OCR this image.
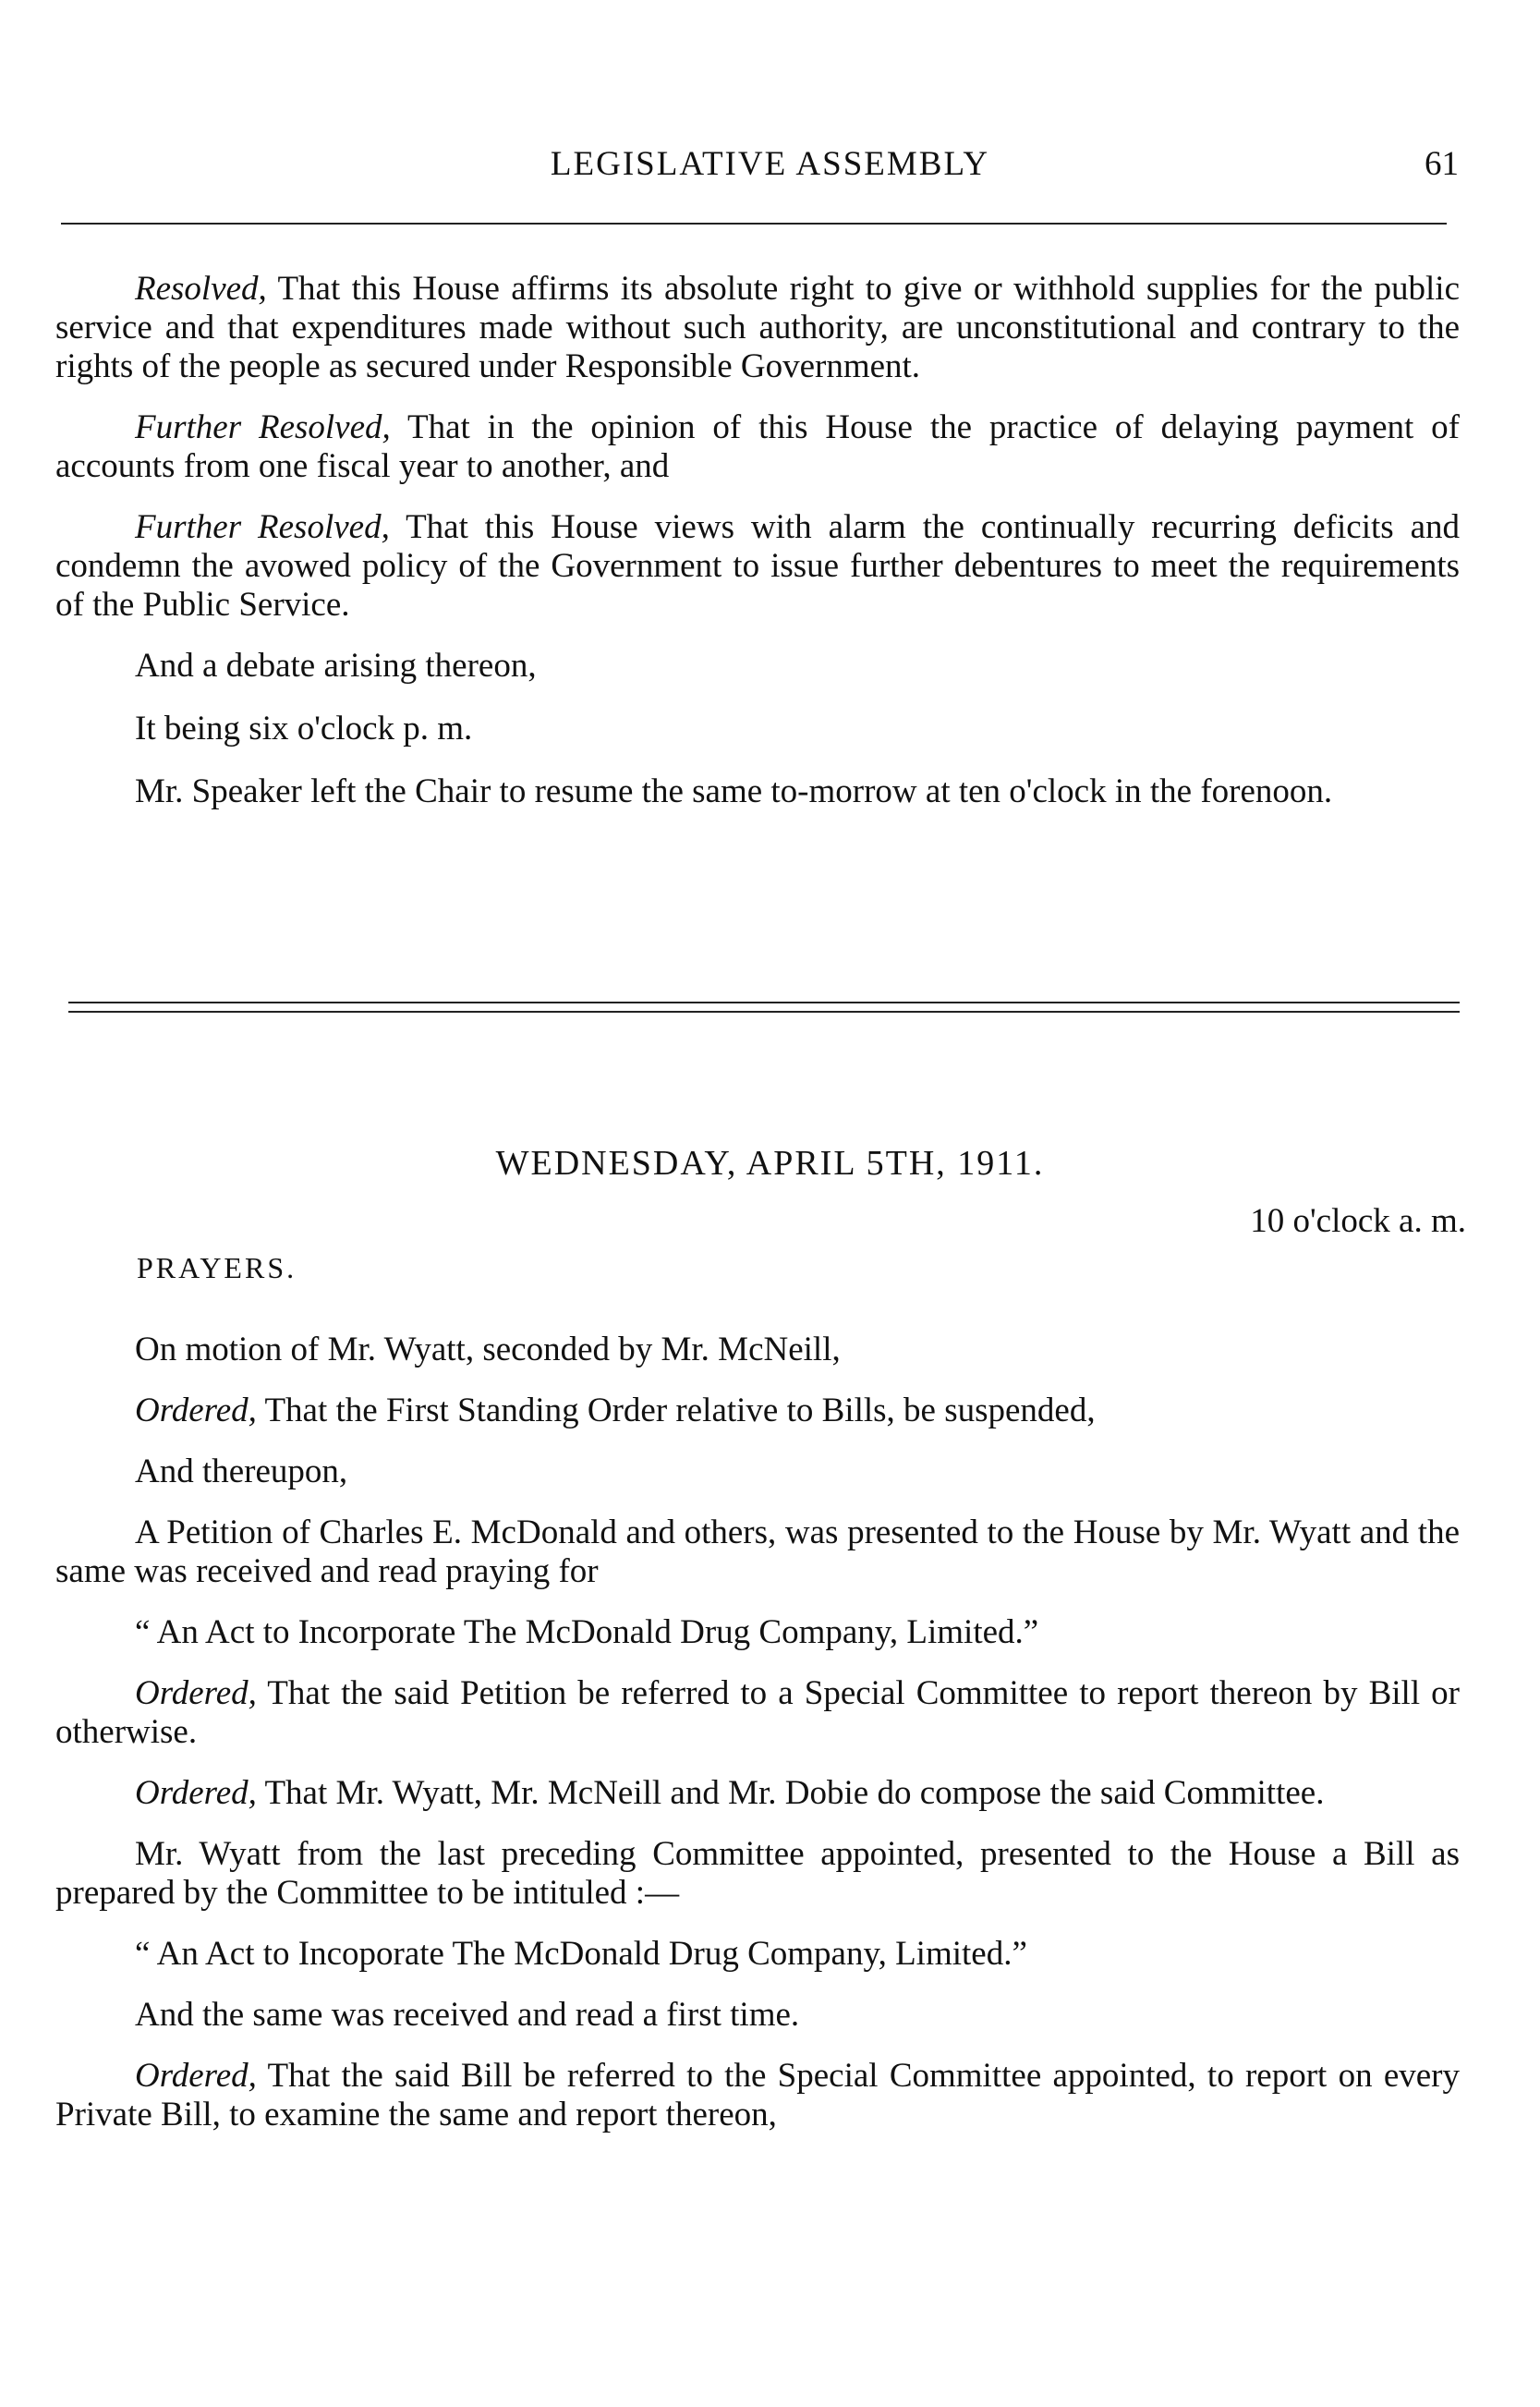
LEGISLATIVE ASSEMBLY	61

Resolved, That this House affirms its absolute right to give or withhold supplies for the public service and that expenditures made without such authority, are unconstitutional and contrary to the rights of the people as secured under Responsible Government.

Further Resolved, That in the opinion of this House the practice of delaying payment of accounts from one fiscal year to another, and

Further Resolved, That this House views with alarm the continually recurring deficits and condemn the avowed policy of the Government to issue further debentures to meet the requirements of the Public Service.

And a debate arising thereon,

It being six o'clock p. m.

Mr. Speaker left the Chair to resume the same to-morrow at ten o'clock in the forenoon.

WEDNESDAY, APRIL 5TH, 1911.
10 o'clock a. m.
PRAYERS.

On motion of Mr. Wyatt, seconded by Mr. McNeill,

Ordered, That the First Standing Order relative to Bills, be suspended,

And thereupon,

A Petition of Charles E. McDonald and others, was presented to the House by Mr. Wyatt and the same was received and read praying for

“ An Act to Incorporate The McDonald Drug Company, Limited.”

Ordered, That the said Petition be referred to a Special Committee to report thereon by Bill or otherwise.

Ordered, That Mr. Wyatt, Mr. McNeill and Mr. Dobie do compose the said Committee.

Mr. Wyatt from the last preceding Committee appointed, presented to the House a Bill as prepared by the Committee to be intituled :—

“ An Act to Incoporate The McDonald Drug Company, Limited.”

And the same was received and read a first time.

Ordered, That the said Bill be referred to the Special Committee appointed, to report on every Private Bill, to examine the same and report thereon,
